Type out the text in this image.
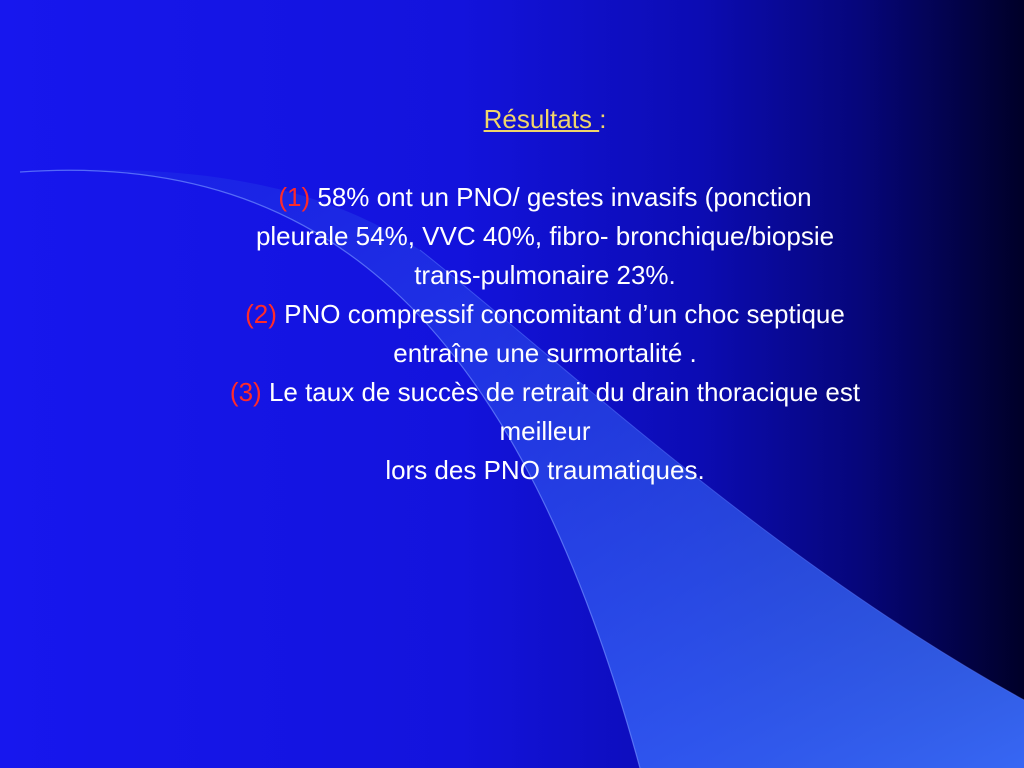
Résultats :
(1) 58% ont un PNO/ gestes invasifs (ponction
pleurale 54%, VVC 40%, fibro- bronchique/biopsie
trans-pulmonaire 23%.
(2) PNO compressif concomitant d’un choc septique
entraîne une surmortalité .
(3) Le taux de succès de retrait du drain thoracique est
meilleur
lors des PNO traumatiques.
